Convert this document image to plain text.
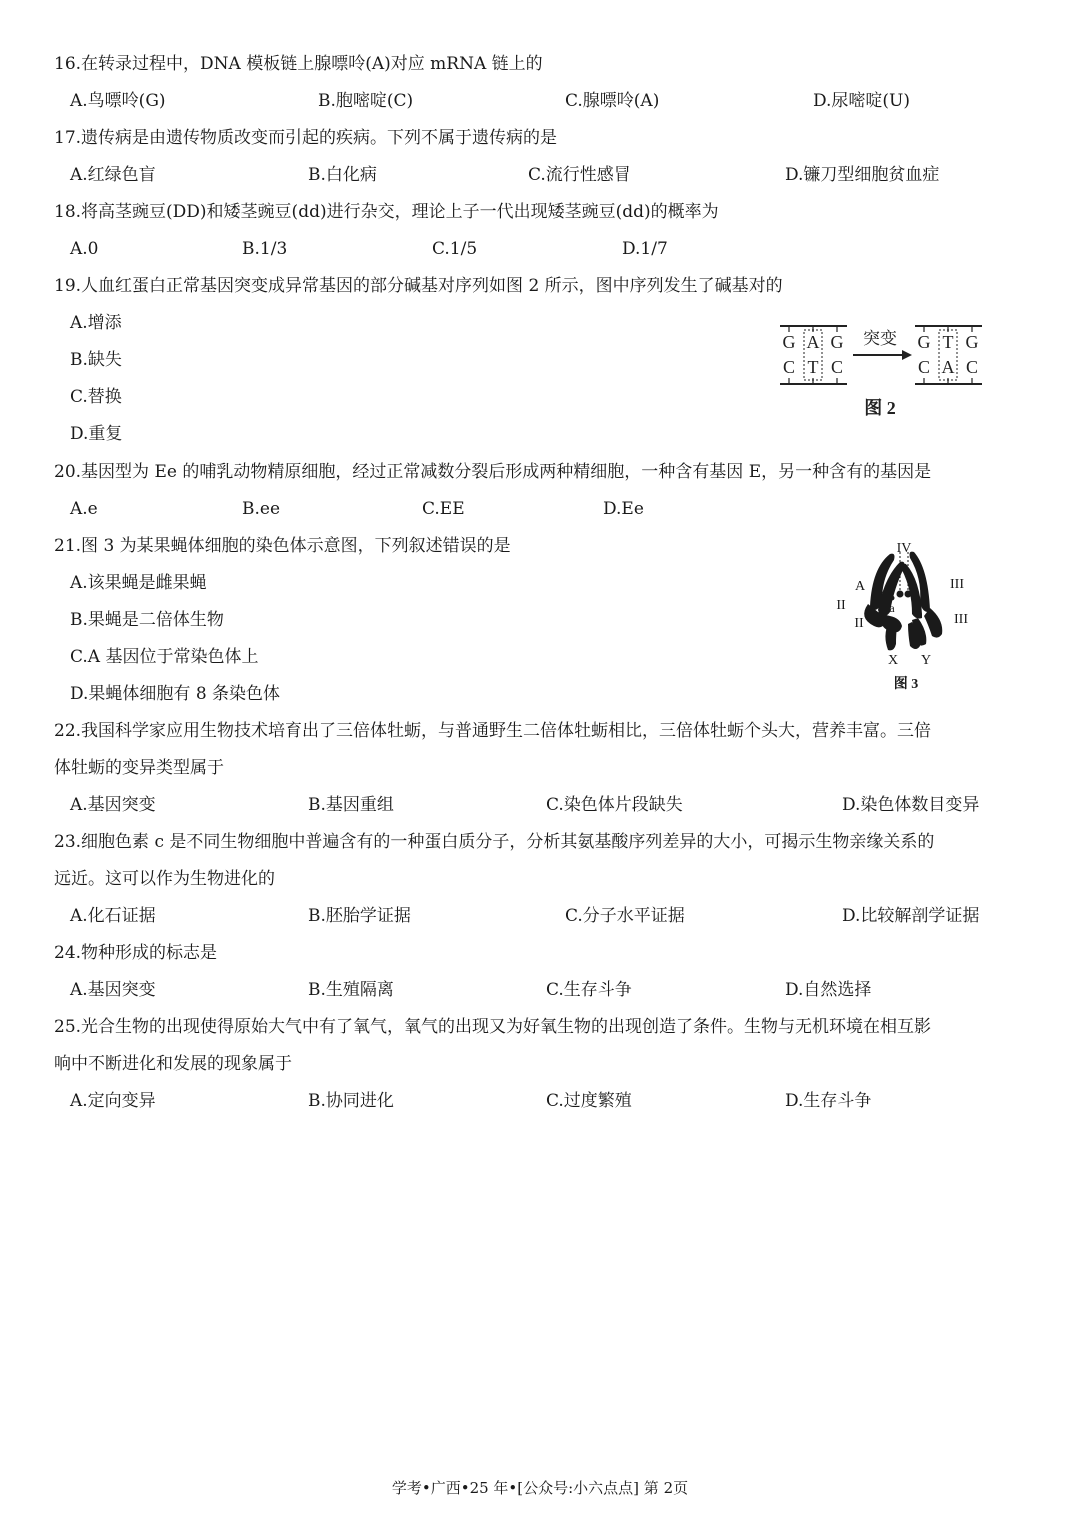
16.在转录过程中，DNA 模板链上腺嘌呤(A)对应 mRNA 链上的
A.鸟嘌呤(G)	B.胞嘧啶(C)	C.腺嘌呤(A)	D.尿嘧啶(U)
17.遗传病是由遗传物质改变而引起的疾病。下列不属于遗传病的是
A.红绿色盲	B.白化病	C.流行性感冒	D.镰刀型细胞贫血症
18.将高茎豌豆(DD)和矮茎豌豆(dd)进行杂交，理论上子一代出现矮茎豌豆(dd)的概率为
A.0	B.1/3	C.1/5	D.1/7
19.人血红蛋白正常基因突变成异常基因的部分碱基对序列如图 2 所示，图中序列发生了碱基对的
A.增添
B.缺失
C.替换
D.重复
G A G
C T C
G T G
C A C
突变
图 2
20.基因型为 Ee 的哺乳动物精原细胞，经过正常减数分裂后形成两种精细胞，一种含有基因 E，另一种含有的基因是
A.e	B.ee	C.EE	D.Ee
21.图 3 为某果蝇体细胞的染色体示意图，下列叙述错误的是
A.该果蝇是雌果蝇
B.果蝇是二倍体生物
C.A 基因位于常染色体上
D.果蝇体细胞有 8 条染色体
IV
A
a
II
II
III
III
X Y
图 3
22.我国科学家应用生物技术培育出了三倍体牡蛎，与普通野生二倍体牡蛎相比，三倍体牡蛎个头大，营养丰富。三倍
体牡蛎的变异类型属于
A.基因突变	B.基因重组	C.染色体片段缺失	D.染色体数目变异
23.细胞色素 c 是不同生物细胞中普遍含有的一种蛋白质分子，分析其氨基酸序列差异的大小，可揭示生物亲缘关系的
远近。这可以作为生物进化的
A.化石证据	B.胚胎学证据	C.分子水平证据	D.比较解剖学证据
24.物种形成的标志是
A.基因突变	B.生殖隔离	C.生存斗争	D.自然选择
25.光合生物的出现使得原始大气中有了氧气，氧气的出现又为好氧生物的出现创造了条件。生物与无机环境在相互影
响中不断进化和发展的现象属于
A.定向变异	B.协同进化	C.过度繁殖	D.生存斗争
学考•广西•25 年•[公众号:小六点点] 第 2页
